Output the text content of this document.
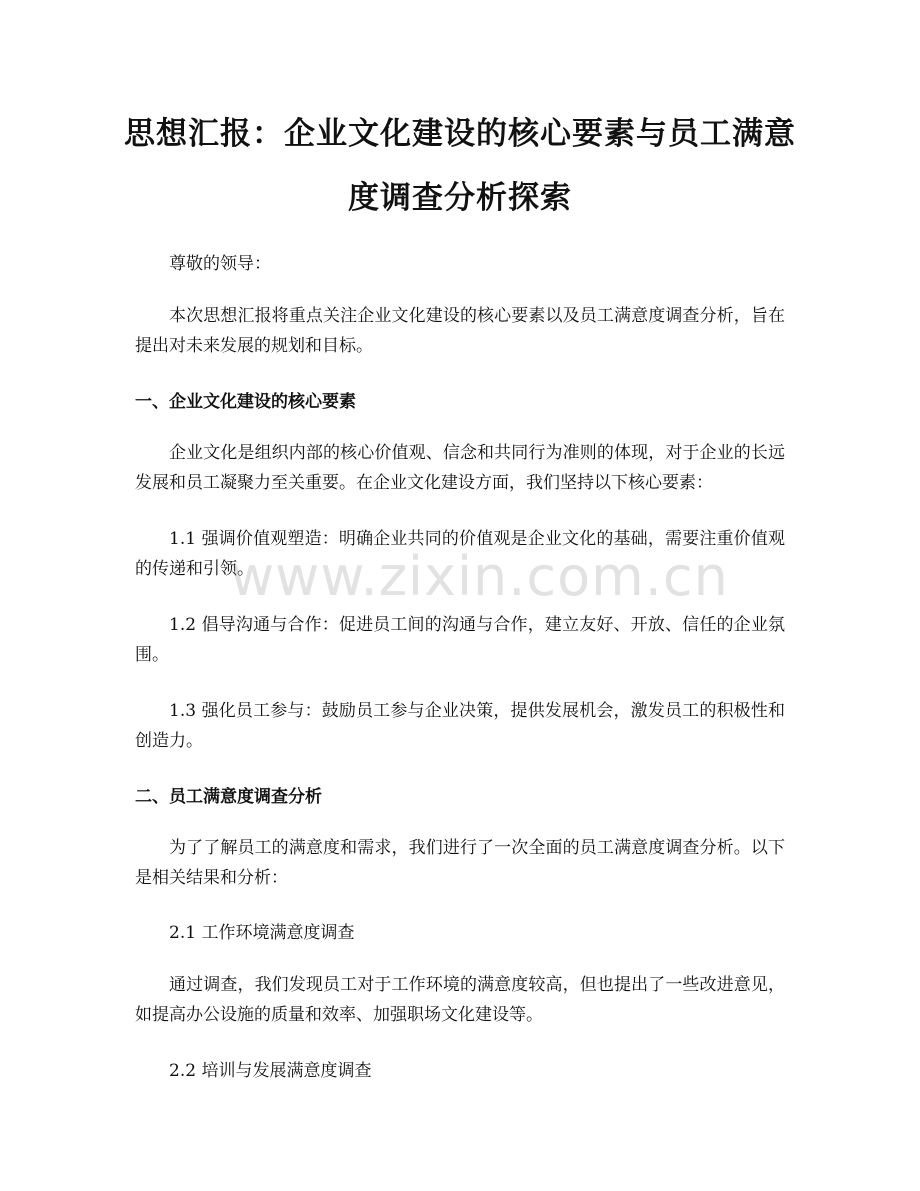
思想汇报：企业文化建设的核心要素与员工满意度调查分析探索

尊敬的领导：

本次思想汇报将重点关注企业文化建设的核心要素以及员工满意度调查分析，旨在提出对未来发展的规划和目标。

一、企业文化建设的核心要素

企业文化是组织内部的核心价值观、信念和共同行为准则的体现，对于企业的长远发展和员工凝聚力至关重要。在企业文化建设方面，我们坚持以下核心要素：

1.1 强调价值观塑造：明确企业共同的价值观是企业文化的基础，需要注重价值观的传递和引领。

1.2 倡导沟通与合作：促进员工间的沟通与合作，建立友好、开放、信任的企业氛围。

1.3 强化员工参与：鼓励员工参与企业决策，提供发展机会，激发员工的积极性和创造力。

二、员工满意度调查分析

为了了解员工的满意度和需求，我们进行了一次全面的员工满意度调查分析。以下是相关结果和分析：

2.1 工作环境满意度调查

通过调查，我们发现员工对于工作环境的满意度较高，但也提出了一些改进意见，如提高办公设施的质量和效率、加强职场文化建设等。

2.2 培训与发展满意度调查

www.zixin.com.cn
